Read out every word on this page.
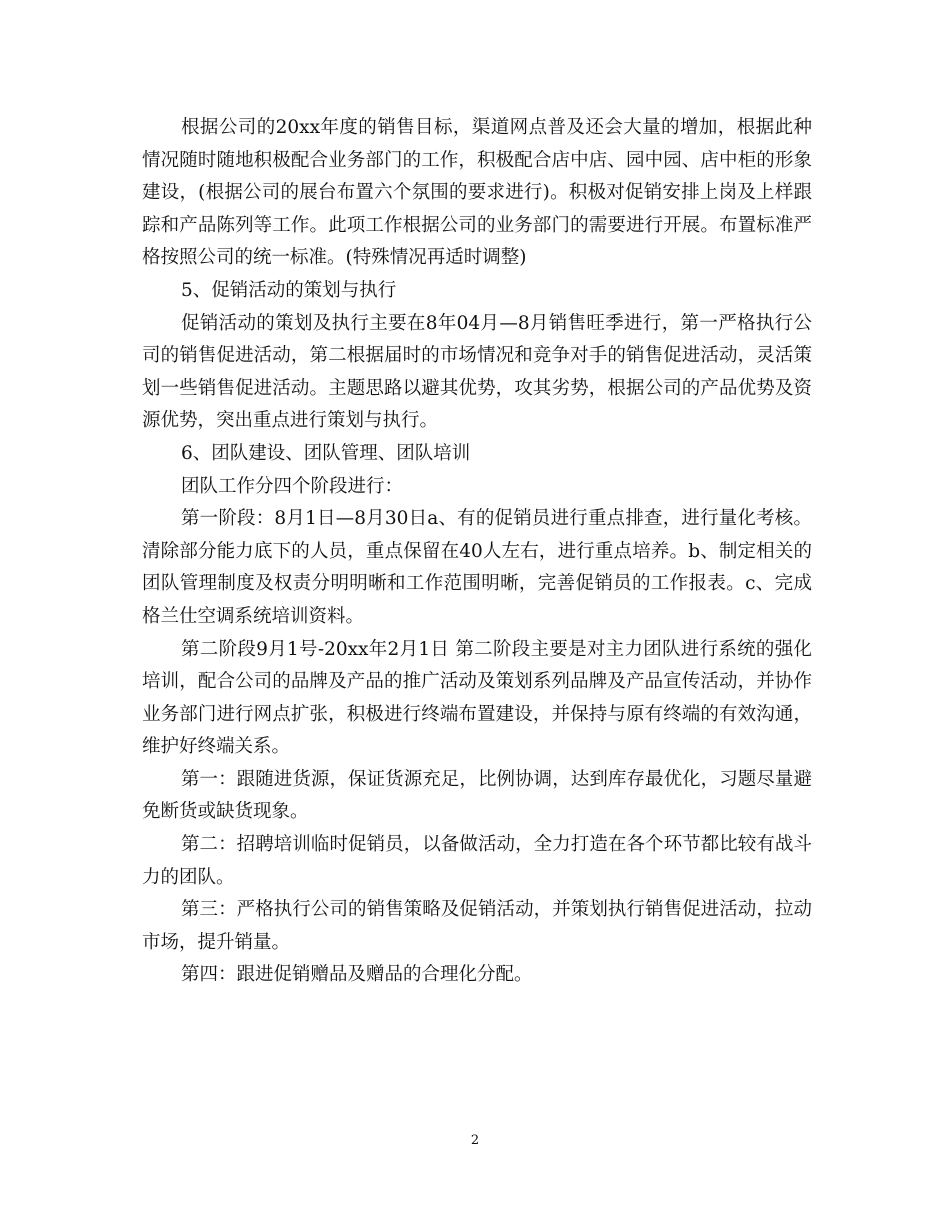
根据公司的20xx年度的销售目标，渠道网点普及还会大量的增加，根据此种情况随时随地积极配合业务部门的工作，积极配合店中店、园中园、店中柜的形象建设，(根据公司的展台布置六个氛围的要求进行)。积极对促销安排上岗及上样跟踪和产品陈列等工作。此项工作根据公司的业务部门的需要进行开展。布置标准严格按照公司的统一标准。(特殊情况再适时调整)

5、促销活动的策划与执行

促销活动的策划及执行主要在8年04月—8月销售旺季进行，第一严格执行公司的销售促进活动，第二根据届时的市场情况和竞争对手的销售促进活动，灵活策划一些销售促进活动。主题思路以避其优势，攻其劣势，根据公司的产品优势及资源优势，突出重点进行策划与执行。

6、团队建设、团队管理、团队培训

团队工作分四个阶段进行：

第一阶段：8月1日—8月30日a、有的促销员进行重点排查，进行量化考核。清除部分能力底下的人员，重点保留在40人左右，进行重点培养。b、制定相关的团队管理制度及权责分明明晰和工作范围明晰，完善促销员的工作报表。c、完成格兰仕空调系统培训资料。

第二阶段9月1号-20xx年2月1日 第二阶段主要是对主力团队进行系统的强化培训，配合公司的品牌及产品的推广活动及策划系列品牌及产品宣传活动，并协作业务部门进行网点扩张，积极进行终端布置建设，并保持与原有终端的有效沟通，维护好终端关系。

第一：跟随进货源，保证货源充足，比例协调，达到库存最优化，习题尽量避免断货或缺货现象。

第二：招聘培训临时促销员，以备做活动，全力打造在各个环节都比较有战斗力的团队。

第三：严格执行公司的销售策略及促销活动，并策划执行销售促进活动，拉动市场，提升销量。

第四：跟进促销赠品及赠品的合理化分配。

2
